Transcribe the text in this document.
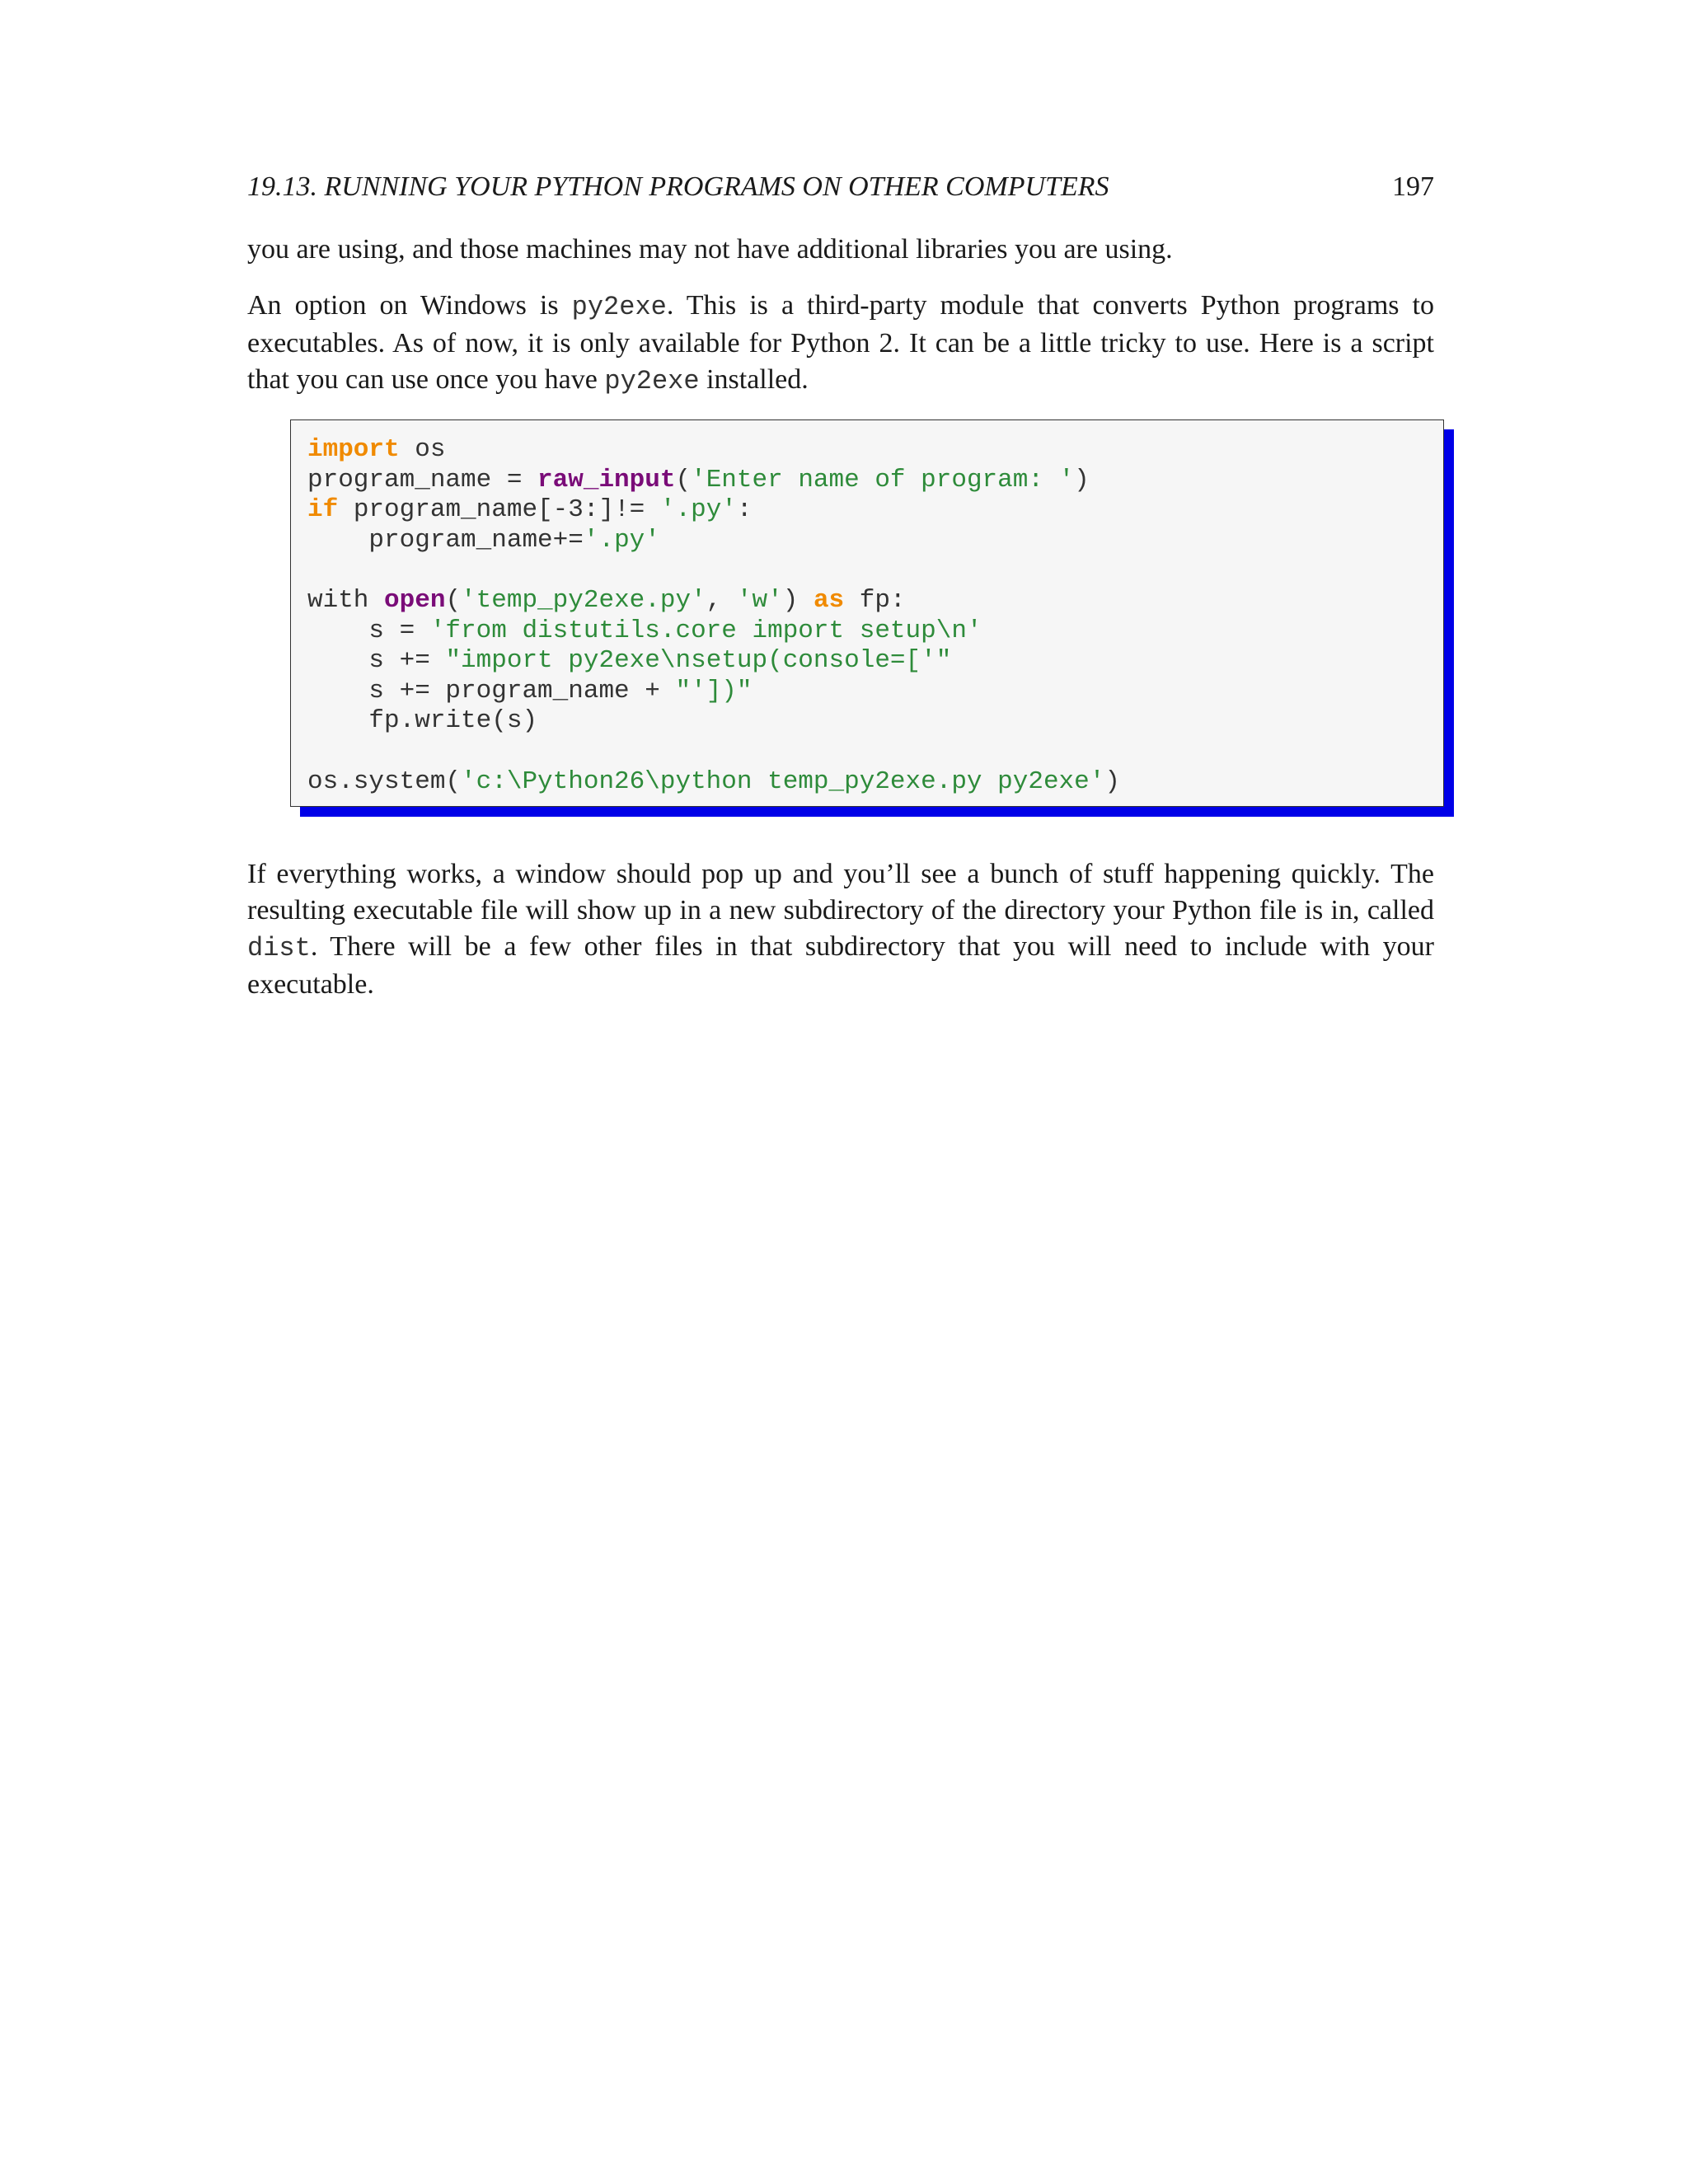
19.13. RUNNING YOUR PYTHON PROGRAMS ON OTHER COMPUTERS	197

you are using, and those machines may not have additional libraries you are using.

An option on Windows is py2exe. This is a third-party module that converts Python programs to executables. As of now, it is only available for Python 2. It can be a little tricky to use. Here is a script that you can use once you have py2exe installed.

import os
program_name = raw_input('Enter name of program: ')
if program_name[-3:]!= '.py':
program_name+='.py'

with open('temp_py2exe.py', 'w') as fp:
s = 'from distutils.core import setup\n'
s += "import py2exe\nsetup(console=['"
s += program_name + "'])"
fp.write(s)

os.system('c:\Python26\python temp_py2exe.py py2exe')

If everything works, a window should pop up and you’ll see a bunch of stuff happening quickly. The resulting executable file will show up in a new subdirectory of the directory your Python file is in, called dist. There will be a few other files in that subdirectory that you will need to include with your executable.
